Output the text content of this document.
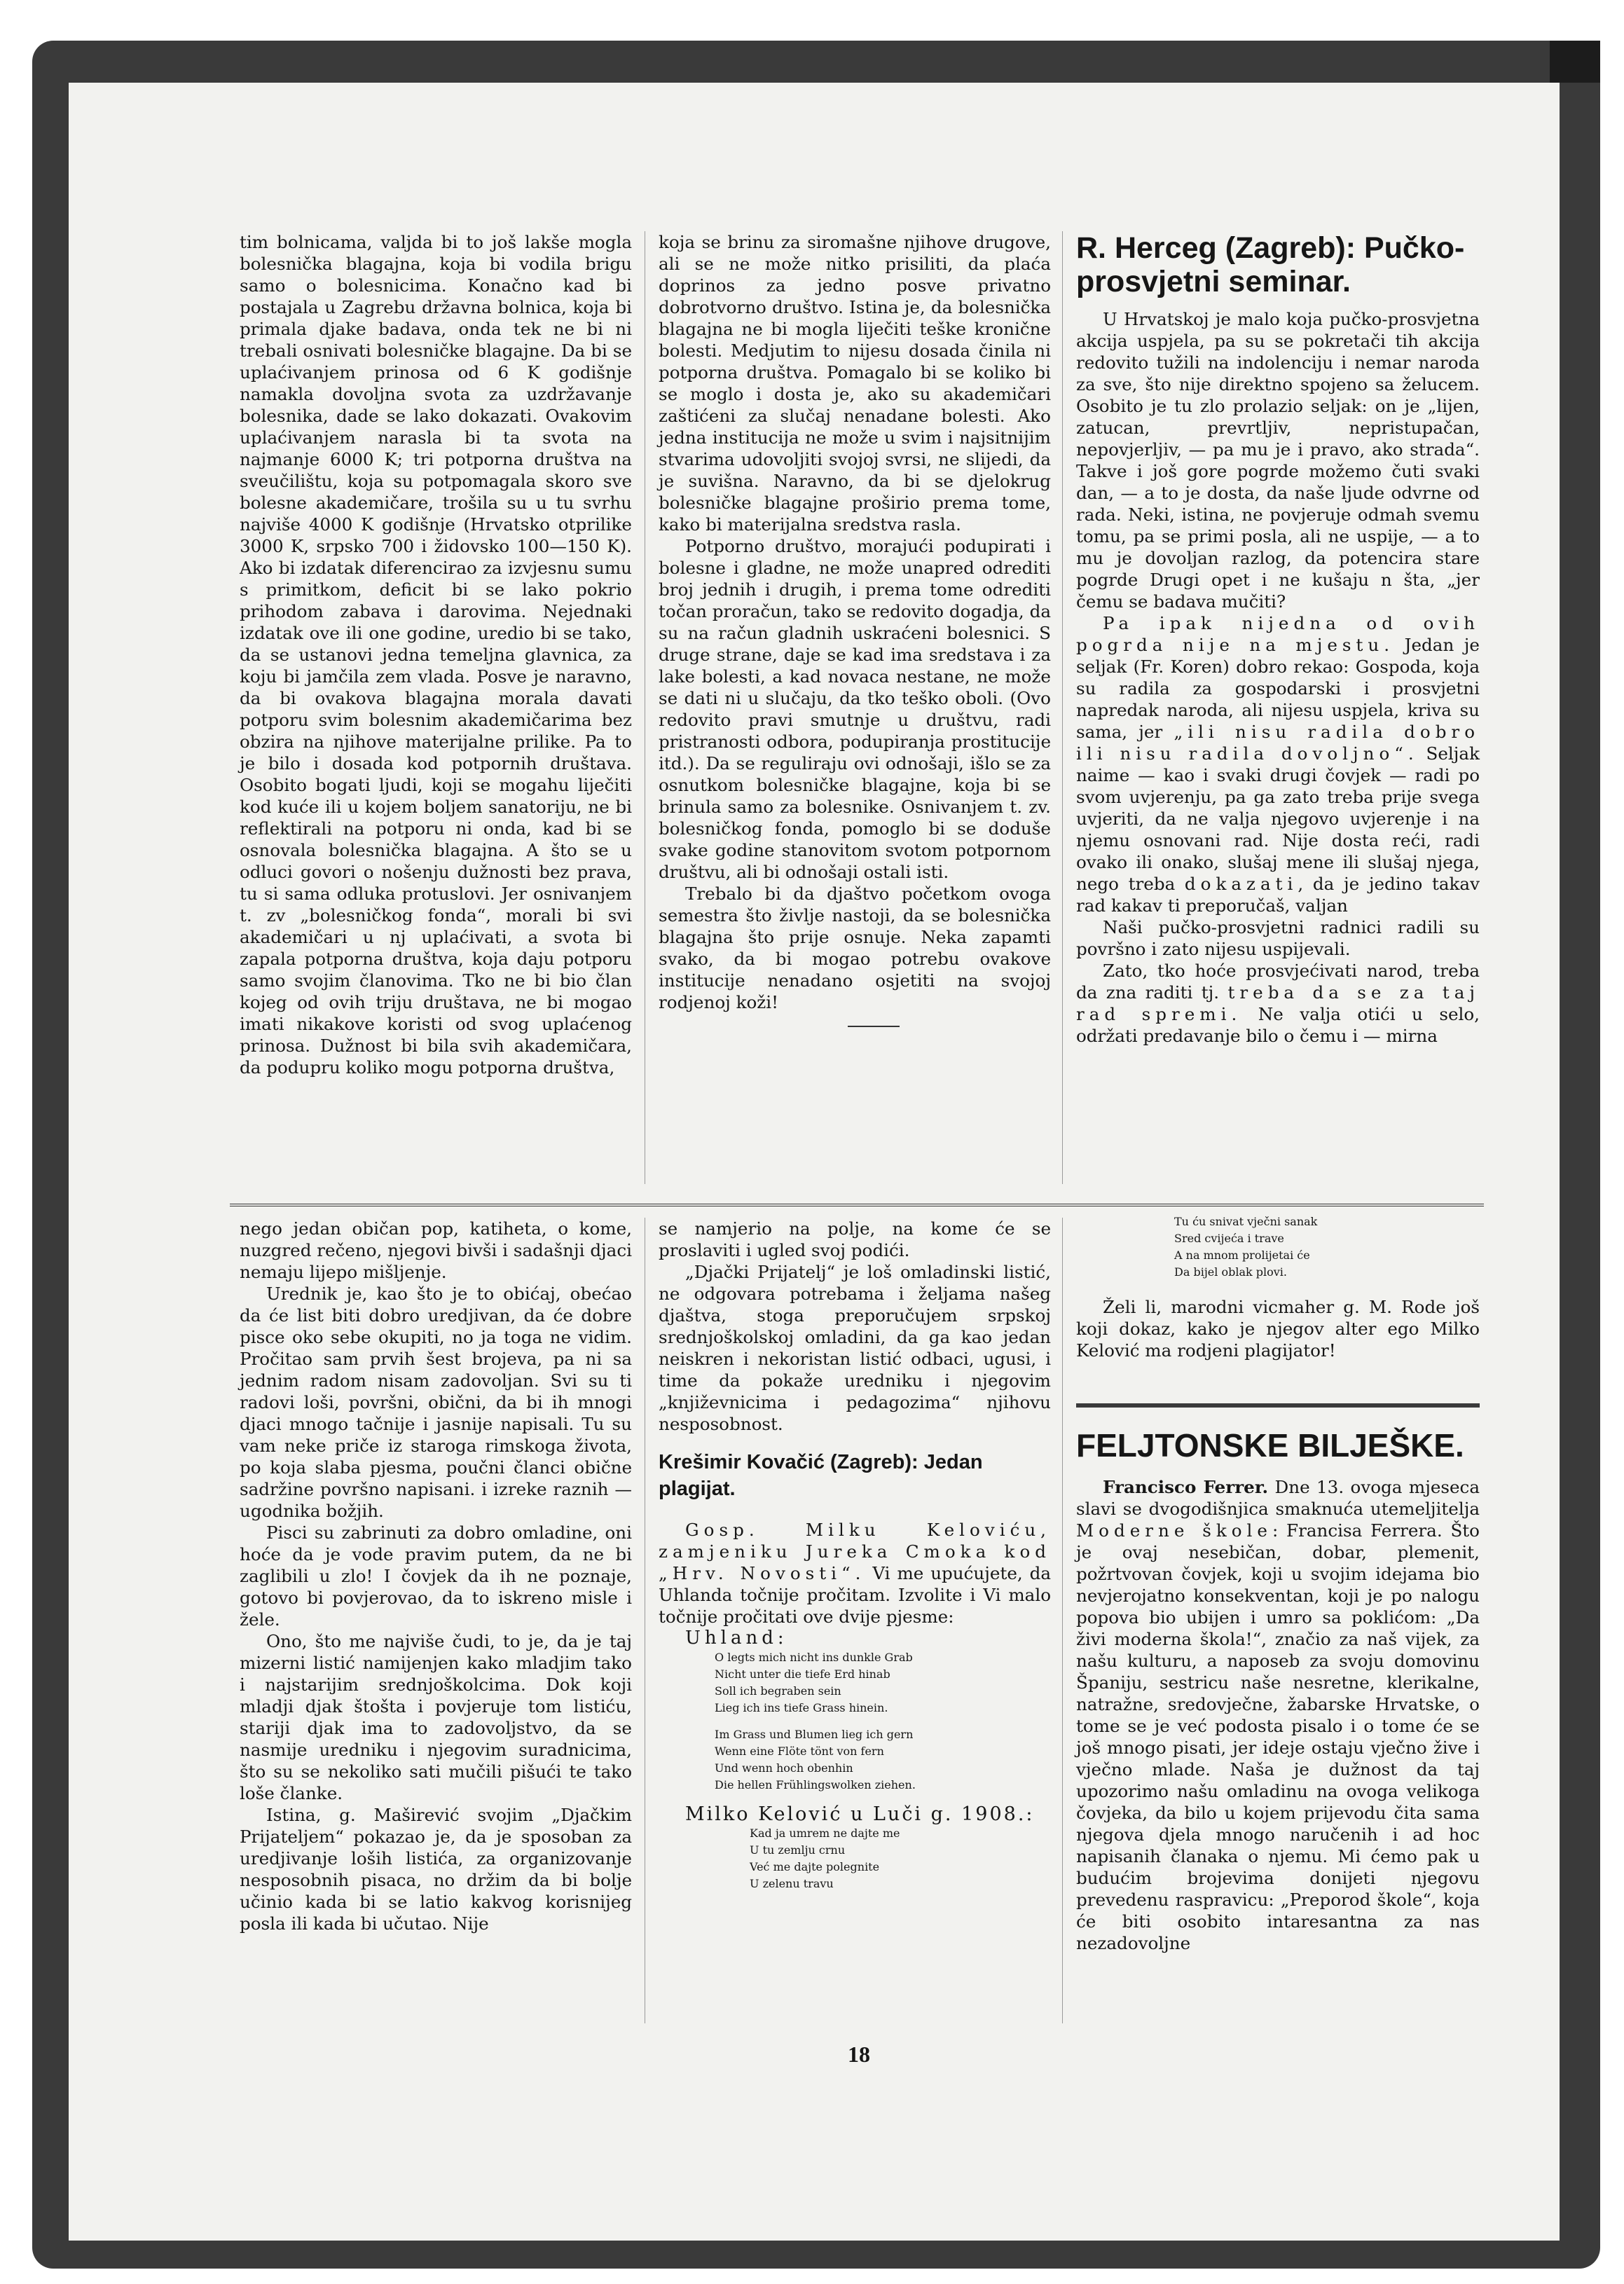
tim bolnicama, valjda bi to još lakše mogla bolesnička blagajna, koja bi vodila brigu samo o bolesnicima. Konačno kad bi postajala u Zagrebu državna bolnica, koja bi primala djake badava, onda tek ne bi ni trebali osnivati bolesničke blagajne. Da bi se uplaćivanjem prinosa od 6 K godišnje namakla dovoljna svota za uzdržavanje bolesnika, dade se lako dokazati. Ovakovim uplaćivanjem narasla bi ta svota na najmanje 6000 K; tri potporna društva na sveučilištu, koja su potpomagala skoro sve bolesne akademičare, trošila su u tu svrhu najviše 4000 K godišnje (Hrvatsko otprilike 3000 K, srpsko 700 i židovsko 100—150 K). Ako bi izdatak diferencirao za izvjesnu sumu s primitkom, deficit bi se lako pokrio prihodom zabava i darovima. Nejednaki izdatak ove ili one godine, uredio bi se tako, da se ustanovi jedna temeljna glavnica, za koju bi jamčila zem vlada. Posve je naravno, da bi ovakova blagajna morala davati potporu svim bolesnim akademičarima bez obzira na njihove materijalne prilike. Pa to je bilo i dosada kod potpornih društava. Osobito bogati ljudi, koji se mogahu liječiti kod kuće ili u kojem boljem sanatoriju, ne bi reflektirali na potporu ni onda, kad bi se osnovala bolesnička blagajna. A što se u odluci govori o nošenju dužnosti bez prava, tu si sama odluka protuslovi. Jer osnivanjem t. zv „bolesničkog fonda“, morali bi svi akademičari u nj uplaćivati, a svota bi zapala potporna društva, koja daju potporu samo svojim članovima. Tko ne bi bio član kojeg od ovih triju društava, ne bi mogao imati nikakove koristi od svog uplaćenog prinosa. Dužnost bi bila svih akademičara, da podupru koliko mogu potporna društva,

koja se brinu za siromašne njihove drugove, ali se ne može nitko prisiliti, da plaća doprinos za jedno posve privatno dobrotvorno društvo. Istina je, da bolesnička blagajna ne bi mogla liječiti teške kronične bolesti. Medjutim to nijesu dosada činila ni potporna društva. Pomagalo bi se koliko bi se moglo i dosta je, ako su akademičari zaštićeni za slučaj nenadane bolesti. Ako jedna institucija ne može u svim i najsitnijim stvarima udovoljiti svojoj svrsi, ne slijedi, da je suvišna. Naravno, da bi se djelokrug bolesničke blagajne proširio prema tome, kako bi materijalna sredstva rasla.

Potporno društvo, morajući podupirati i bolesne i gladne, ne može unapred odrediti broj jednih i drugih, i prema tome odrediti točan proračun, tako se redovito dogadja, da su na račun gladnih uskraćeni bolesnici. S druge strane, daje se kad ima sredstava i za lake bolesti, a kad novaca nestane, ne može se dati ni u slučaju, da tko teško oboli. (Ovo redovito pravi smutnje u društvu, radi pristranosti odbora, podupiranja prostitucije itd.). Da se reguliraju ovi odnošaji, išlo se za osnutkom bolesničke blagajne, koja bi se brinula samo za bolesnike. Osnivanjem t. zv. bolesničkog fonda, pomoglo bi se doduše svake godine stanovitom svotom potpornom društvu, ali bi odnošaji ostali isti.

Trebalo bi da djaštvo početkom ovoga semestra što življe nastoji, da se bolesnička blagajna što prije osnuje. Neka zapamti svako, da bi mogao potrebu ovakove institucije nenadano osjetiti na svojoj rodjenoj koži!

R. Herceg (Zagreb): Pučko-prosvjetni seminar.

U Hrvatskoj je malo koja pučko-prosvjetna akcija uspjela, pa su se pokretači tih akcija redovito tužili na indolenciju i nemar naroda za sve, što nije direktno spojeno sa želucem. Osobito je tu zlo prolazio seljak: on je „lijen, zatucan, prevrtljiv, nepristupačan, nepovjerljiv, — pa mu je i pravo, ako strada“. Takve i još gore pogrde možemo čuti svaki dan, — a to je dosta, da naše ljude odvrne od rada. Neki, istina, ne povjeruje odmah svemu tomu, pa se primi posla, ali ne uspije, — a to mu je dovoljan razlog, da potencira stare pogrde Drugi opet i ne kušaju n šta, „jer čemu se badava mučiti?

Pa ipak nijedna od ovih pogrda nije na mjestu. Jedan je seljak (Fr. Koren) dobro rekao: Gospoda, koja su radila za gospodarski i prosvjetni napredak naroda, ali nijesu uspjela, kriva su sama, jer „ili nisu radila dobro ili nisu radila dovoljno“. Seljak naime — kao i svaki drugi čovjek — radi po svom uvjerenju, pa ga zato treba prije svega uvjeriti, da ne valja njegovo uvjerenje i na njemu osnovani rad. Nije dosta reći, radi ovako ili onako, slušaj mene ili slušaj njega, nego treba dokazati, da je jedino takav rad kakav ti preporučaš, valjan

Naši pučko-prosvjetni radnici radili su površno i zato nijesu uspijevali.

Zato, tko hoće prosvjećivati narod, treba da zna raditi tj. treba da se za taj rad spremi. Ne valja otići u selo, održati predavanje bilo o čemu i — mirna

nego jedan običan pop, katiheta, o kome, nuzgred rečeno, njegovi bivši i sadašnji djaci nemaju lijepo mišljenje.

Urednik je, kao što je to obićaj, obećao da će list biti dobro uredjivan, da će dobre pisce oko sebe okupiti, no ja toga ne vidim. Pročitao sam prvih šest brojeva, pa ni sa jednim radom nisam zadovoljan. Svi su ti radovi loši, površni, obični, da bi ih mnogi djaci mnogo tačnije i jasnije napisali. Tu su vam neke priče iz staroga rimskoga života, po koja slaba pjesma, poučni članci obične sadržine površno napisani. i izreke raznih — ugodnika božjih.

Pisci su zabrinuti za dobro omladine, oni hoće da je vode pravim putem, da ne bi zaglibili u zlo! I čovjek da ih ne poznaje, gotovo bi povjerovao, da to iskreno misle i žele.

Ono, što me najviše čudi, to je, da je taj mizerni listić namijenjen kako mladjim tako i najstarijim srednjoškolcima. Dok koji mladji djak štošta i povjeruje tom listiću, stariji djak ima to zadovoljstvo, da se nasmije uredniku i njegovim suradnicima, što su se nekoliko sati mučili pišući te tako loše članke.

Istina, g. Maširević svojim „Djačkim Prijateljem“ pokazao je, da je sposoban za uredjivanje loših listića, za organizovanje nesposobnih pisaca, no držim da bi bolje učinio kada bi se latio kakvog korisnijeg posla ili kada bi učutao. Nije

se namjerio na polje, na kome će se proslaviti i ugled svoj podići.

„Djački Prijatelj“ je loš omladinski listić, ne odgovara potrebama i željama našeg djaštva, stoga preporučujem srpskoj srednjoškolskoj omladini, da ga kao jedan neiskren i nekoristan listić odbaci, ugusi, i time da pokaže uredniku i njegovim „književnicima i pedagozima“ njihovu nesposobnost.

Krešimir Kovačić (Zagreb): Jedan plagijat.

Gosp. Milku Keloviću, zamjeniku Jureka Cmoka kod „Hrv. Novosti“. Vi me upućujete, da Uhlanda točnije pročitam. Izvolite i Vi malo točnije pročitati ove dvije pjesme:

Uhland:

O legts mich nicht ins dunkle Grab
Nicht unter die tiefe Erd hinab
Soll ich begraben sein
Lieg ich ins tiefe Grass hinein.
Im Grass und Blumen lieg ich gern
Wenn eine Flöte tönt von fern
Und wenn hoch obenhin
Die hellen Frühlingswolken ziehen.

Milko Kelović u Luči g. 1908.:

Kad ja umrem ne dajte me
U tu zemlju crnu
Već me dajte polegnite
U zelenu travu
Tu ću snivat vječni sanak
Sred cvijeća i trave
A na mnom prolijetai će
Da bijel oblak plovi.

Želi li, marodni vicmaher g. M. Rode još koji dokaz, kako je njegov alter ego Milko Kelović ma rodjeni plagijator!

FELJTONSKE BILJEŠKE.

Francisco Ferrer. Dne 13. ovoga mjeseca slavi se dvogodišnjica smaknuća utemeljitelja Moderne škole: Francisa Ferrera. Što je ovaj nesebičan, dobar, plemenit, požrtvovan čovjek, koji u svojim idejama bio nevjerojatno konsekventan, koji je po nalogu popova bio ubijen i umro sa poklićom: „Da živi moderna škola!“, značio za naš vijek, za našu kulturu, a naposeb za svoju domovinu Španiju, sestricu naše nesretne, klerikalne, natražne, sredovječne, žabarske Hrvatske, o tome se je već podosta pisalo i o tome će se još mnogo pisati, jer ideje ostaju vječno žive i vječno mlade. Naša je dužnost da taj upozorimo našu omladinu na ovoga velikoga čovjeka, da bilo u kojem prijevodu čita sama njegova djela mnogo naručenih i ad hoc napisanih članaka o njemu. Mi ćemo pak u budućim brojevima donijeti njegovu prevedenu raspravicu: „Preporod škole“, koja će biti osobito intaresantna za nas nezadovoljne

18
